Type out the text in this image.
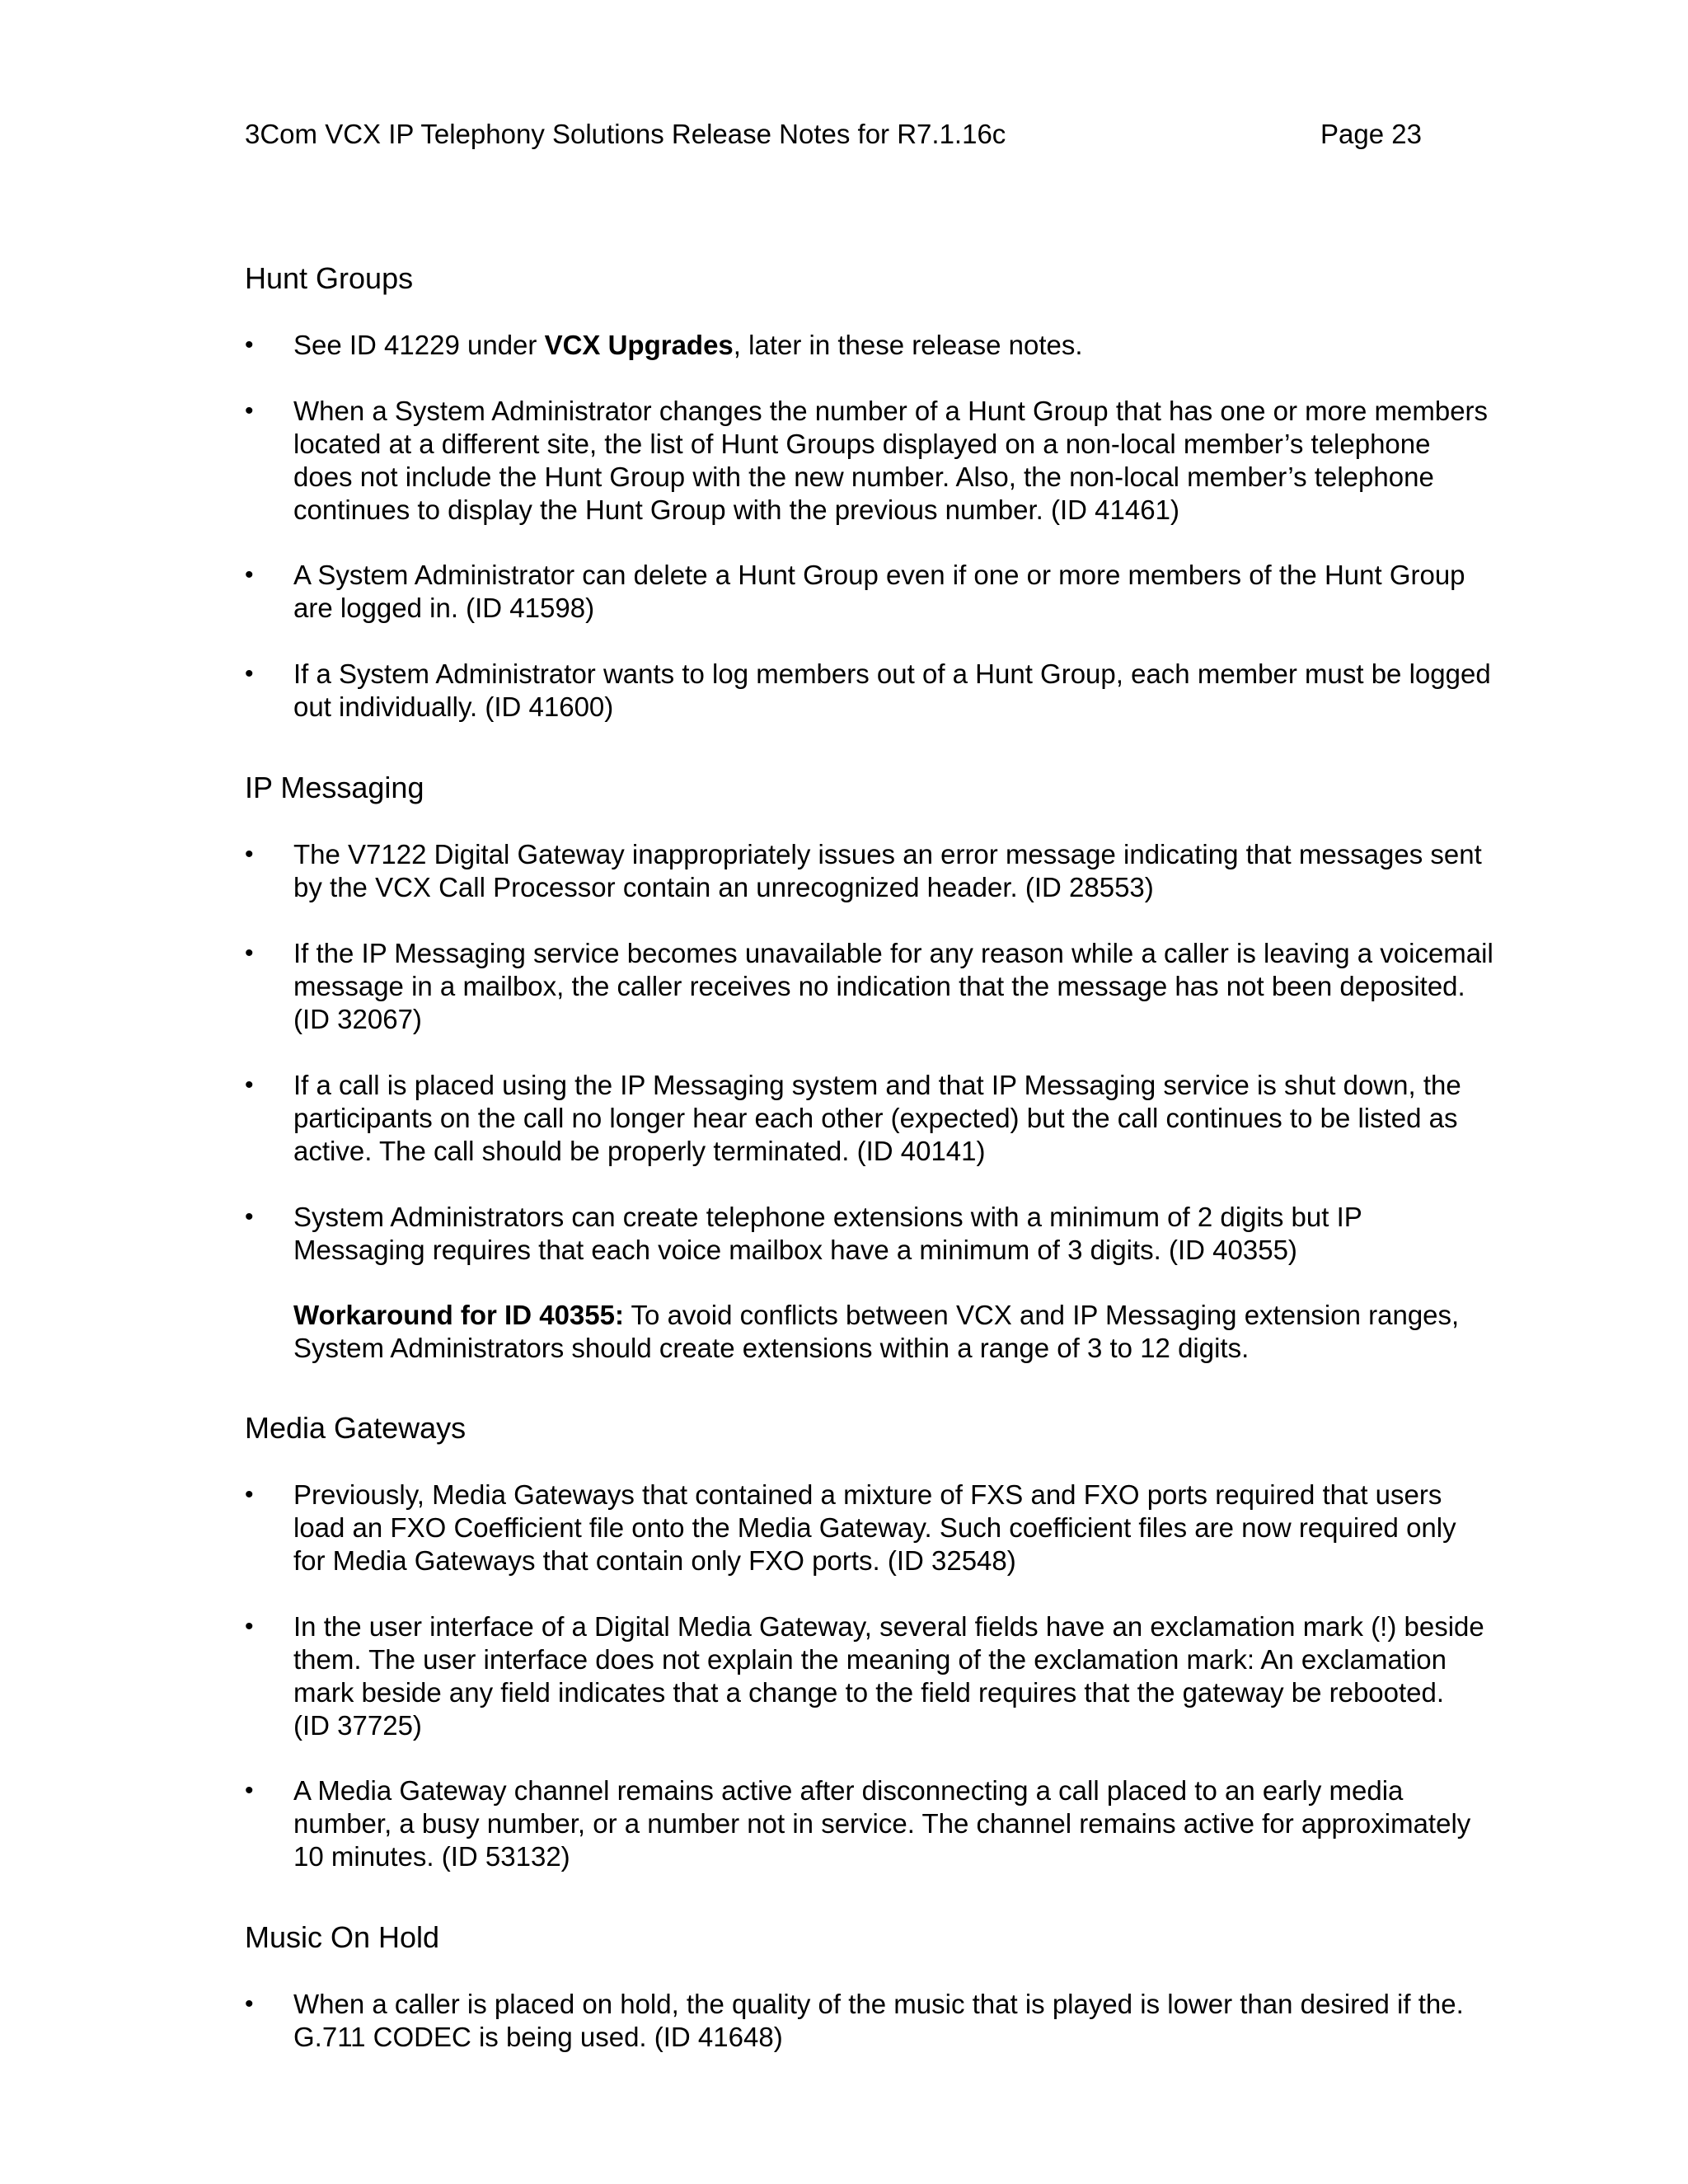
3Com VCX IP Telephony Solutions Release Notes for R7.1.16c	Page 23
Hunt Groups
•	See ID 41229 under VCX Upgrades, later in these release notes.
•	When a System Administrator changes the number of a Hunt Group that has one or more members
located at a different site, the list of Hunt Groups displayed on a non-local member’s telephone
does not include the Hunt Group with the new number. Also, the non-local member’s telephone
continues to display the Hunt Group with the previous number. (ID 41461)
•	A System Administrator can delete a Hunt Group even if one or more members of the Hunt Group
are logged in. (ID 41598)
•	If a System Administrator wants to log members out of a Hunt Group, each member must be logged
out individually. (ID 41600)
IP Messaging
•	The V7122 Digital Gateway inappropriately issues an error message indicating that messages sent
by the VCX Call Processor contain an unrecognized header. (ID 28553)
•	If the IP Messaging service becomes unavailable for any reason while a caller is leaving a voicemail
message in a mailbox, the caller receives no indication that the message has not been deposited.
(ID 32067)
•	If a call is placed using the IP Messaging system and that IP Messaging service is shut down, the
participants on the call no longer hear each other (expected) but the call continues to be listed as
active. The call should be properly terminated. (ID 40141)
•	System Administrators can create telephone extensions with a minimum of 2 digits but IP
Messaging requires that each voice mailbox have a minimum of 3 digits. (ID 40355)
Workaround for ID 40355: To avoid conflicts between VCX and IP Messaging extension ranges,
System Administrators should create extensions within a range of 3 to 12 digits.
Media Gateways
•	Previously, Media Gateways that contained a mixture of FXS and FXO ports required that users
load an FXO Coefficient file onto the Media Gateway. Such coefficient files are now required only
for Media Gateways that contain only FXO ports. (ID 32548)
•	In the user interface of a Digital Media Gateway, several fields have an exclamation mark (!) beside
them. The user interface does not explain the meaning of the exclamation mark: An exclamation
mark beside any field indicates that a change to the field requires that the gateway be rebooted.
(ID 37725)
•	A Media Gateway channel remains active after disconnecting a call placed to an early media
number, a busy number, or a number not in service. The channel remains active for approximately
10 minutes. (ID 53132)
Music On Hold
•	When a caller is placed on hold, the quality of the music that is played is lower than desired if the.
G.711 CODEC is being used. (ID 41648)
